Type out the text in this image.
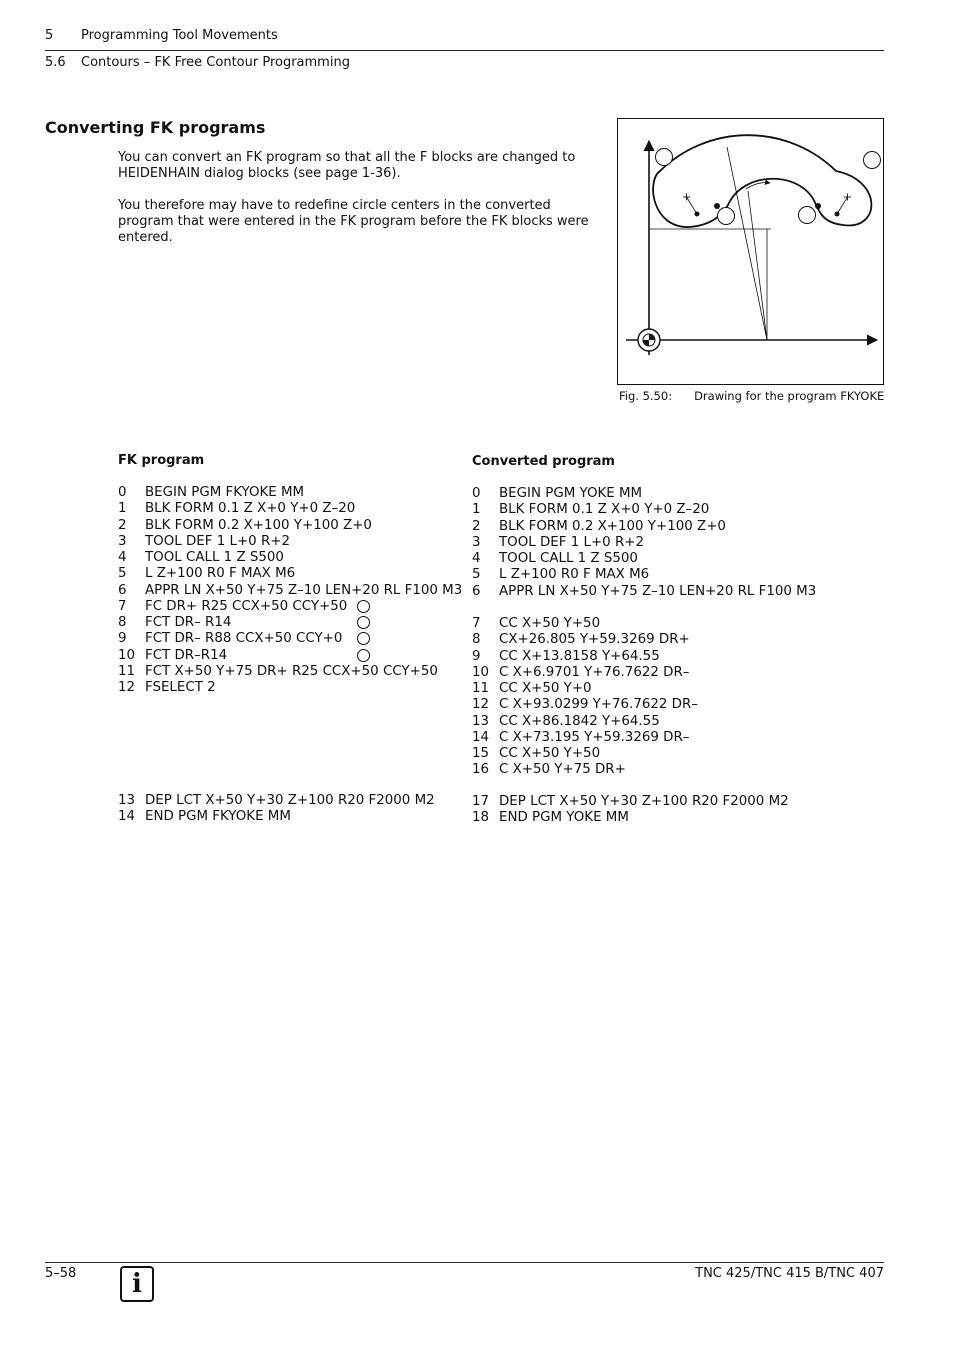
5 Programming Tool Movements
5.6 Contours – FK Free Contour Programming
Converting FK programs
You can convert an FK program so that all the F blocks are changed to HEIDENHAIN dialog blocks (see page 1-36).
You therefore may have to redefine circle centers in the converted program that were entered in the FK program before the FK blocks were entered.
Fig. 5.50: Drawing for the program FKYOKE
FK program
0 BEGIN PGM FKYOKE MM
1 BLK FORM 0.1 Z X+0 Y+0 Z–20
2 BLK FORM 0.2 X+100 Y+100 Z+0
3 TOOL DEF 1 L+0 R+2
4 TOOL CALL 1 Z S500
5 L Z+100 R0 F MAX M6
6 APPR LN X+50 Y+75 Z–10 LEN+20 RL F100 M3
7 FC DR+ R25 CCX+50 CCY+50
8 FCT DR– R14
9 FCT DR– R88 CCX+50 CCY+0
10 FCT DR–R14
11 FCT X+50 Y+75 DR+ R25 CCX+50 CCY+50
12 FSELECT 2
13 DEP LCT X+50 Y+30 Z+100 R20 F2000 M2
14 END PGM FKYOKE MM
Converted program
0 BEGIN PGM YOKE MM
1 BLK FORM 0.1 Z X+0 Y+0 Z–20
2 BLK FORM 0.2 X+100 Y+100 Z+0
3 TOOL DEF 1 L+0 R+2
4 TOOL CALL 1 Z S500
5 L Z+100 R0 F MAX M6
6 APPR LN X+50 Y+75 Z–10 LEN+20 RL F100 M3
7 CC X+50 Y+50
8 CX+26.805 Y+59.3269 DR+
9 CC X+13.8158 Y+64.55
10 C X+6.9701 Y+76.7622 DR–
11 CC X+50 Y+0
12 C X+93.0299 Y+76.7622 DR–
13 CC X+86.1842 Y+64.55
14 C X+73.195 Y+59.3269 DR–
15 CC X+50 Y+50
16 C X+50 Y+75 DR+
17 DEP LCT X+50 Y+30 Z+100 R20 F2000 M2
18 END PGM YOKE MM
5–58	i	TNC 425/TNC 415 B/TNC 407
